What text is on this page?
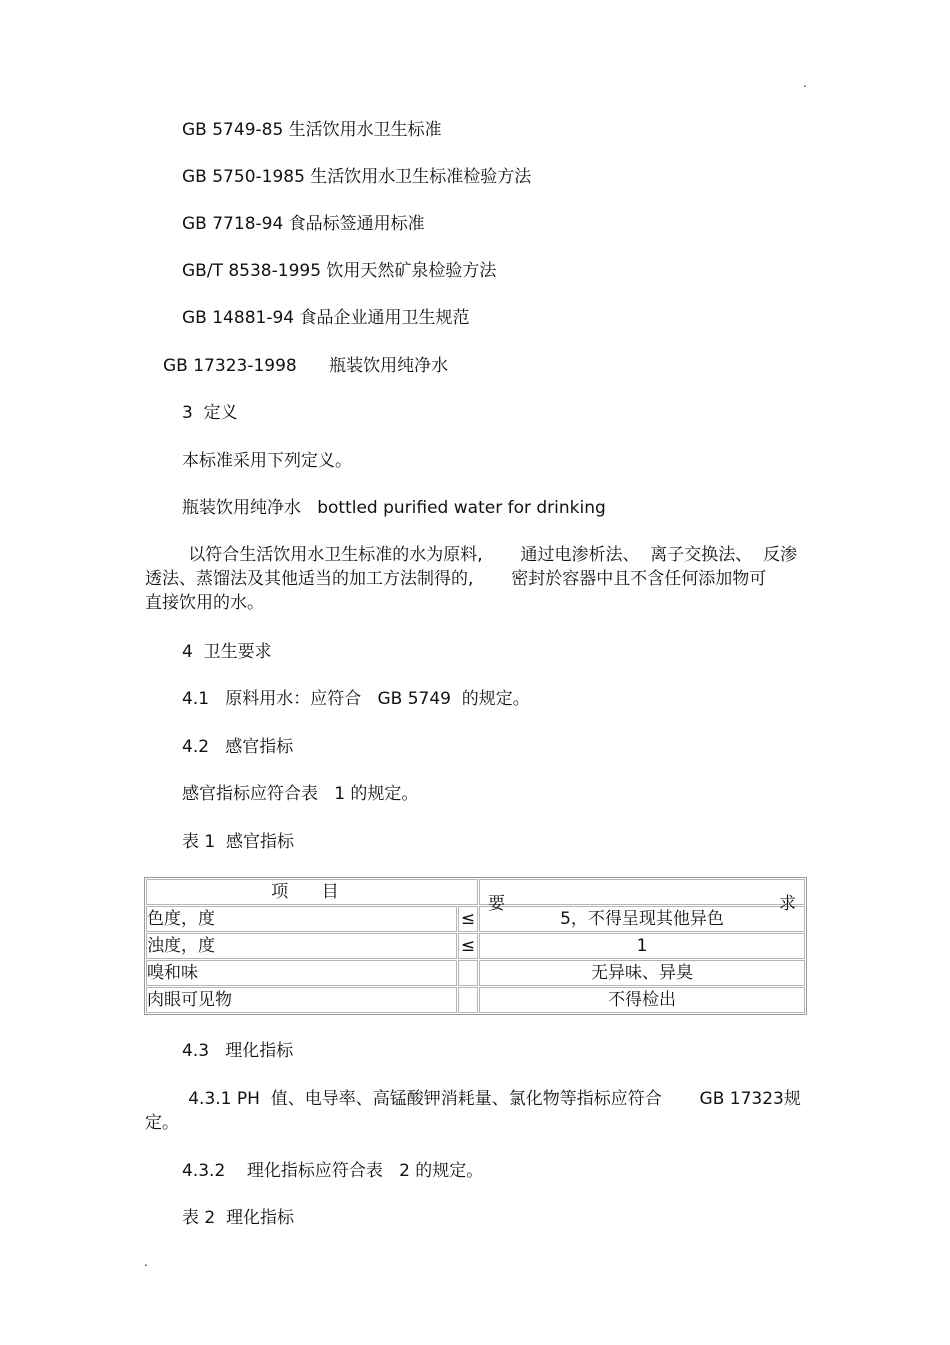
.
GB 5749-85 生活饮用水卫生标准
GB 5750-1985 生活饮用水卫生标准检验方法
GB 7718-94 食品标签通用标准
GB/T 8538-1995 饮用天然矿泉检验方法
GB 14881-94 食品企业通用卫生规范
GB 17323-1998      瓶装饮用纯净水
3  定义
本标准采用下列定义。
瓶装饮用纯净水   bottled purified water for drinking
以符合生活饮用水卫生标准的水为原料,       通过电渗析法、  离子交换法、  反渗
透法、蒸馏法及其他适当的加工方法制得的,       密封於容器中且不含任何添加物可
直接饮用的水。
4  卫生要求
4.1   原料用水：应符合   GB 5749  的规定。
4.2   感官指标
感官指标应符合表   1 的规定。
表 1  感官指标
项 目		要 求

色度，度	≤	5，不得呈现其他异色
浊度，度	≤	1
嗅和味		无异味、异臭
肉眼可见物		不得检出
4.3   理化指标
4.3.1 PH  值、电导率、高锰酸钾消耗量、氯化物等指标应符合       GB 17323规
定。
4.3.2    理化指标应符合表   2 的规定。
表 2  理化指标
.
